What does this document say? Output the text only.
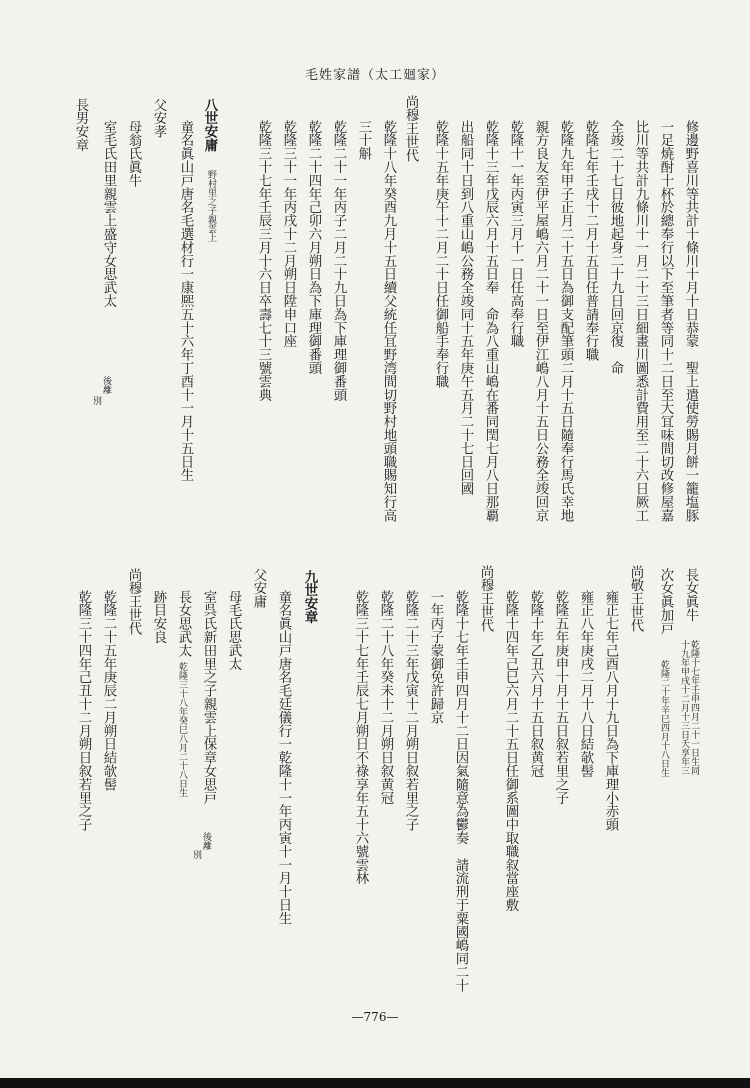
毛姓家譜（太工廻家）
修邊野喜川等共計十條川十月十日恭蒙　聖上遣使勞賜月餅一籠塩豚
一足焼酎十杯於總奉行以下至筆者等同十二日至大冝味間切改修屋嘉
比川等共計九條川十一月二十三日細畫川圖悉計費用至二十六日厥工
全竣二十七日彼地起身二十九日回京復　命
乾隆七年壬戌十二月十五日任普請奉行職
乾隆九年甲子正月二十五日為御支配筆頭二月十五日隨奉行馬氏幸地
親方良友至伊平屋嶋六月二十一日至伊江嶋八月十五日公務全竣回京
乾隆十一年丙寅三月十一日任高奉行職
乾隆十三年戊辰六月十五日奉　命為八重山嶋在番同閏七月八日那覇
出船同十日到八重山嶋公務全竣同十五年庚午五月二十七日回國
乾隆十五年庚午十二月二十日任御船手奉行職
尚穆王世代
乾隆十八年癸酉九月十五日續父統任冝野湾間切野村地頭職賜知行高
三十斛
乾隆二十一年丙子二月二十九日為下庫理御番頭
乾隆二十四年己卯六月朔日為下庫理御番頭
乾隆三十一年丙戌十二月朔日陞申口座
乾隆三十七年壬辰三月十六日卒壽七十三號雲典
八世安庸
野村里之子親雲上
童名眞山戸唐名毛選材行一康熈五十六年丁酉十一月十五日生
父安孝
母翁氏眞牛
室毛氏田里親雲上盛守女思武太
後離
別
長男安章
長女眞牛
乾隆十七年壬申四月二十一日生同
十九年甲戌十二月十三日夭享年三
次女眞加戸
乾隆二十年辛巳四月十八日生
尚敬王世代
雍正七年己酉八月十九日為下庫理小赤頭
雍正八年庚戌二月十八日結欹髻
乾隆五年庚申十月十五日叙若里之子
乾隆十年乙丑六月十五日叙黄冠
乾隆十四年己巳六月二十五日任御系圖中取職叙當座敷
尚穆王世代
乾隆十七年壬申四月十二日因氣隨意為鬱奏　請流刑于粟國嶋同二十
一年丙子蒙御免許歸京
乾隆二十三年戊寅十二月朔日叙若里之子
乾隆二十八年癸未十二月朔日叙黄冠
乾隆三十七年壬辰七月朔日不祿享年五十六號雲林
九世安章
童名眞山戸唐名毛廷儀行一乾隆十一年丙寅十一月十日生
父安庸
母毛氏思武太
室呉氏新田里之子親雲上保章女思戸
後離
別
長女思武太
乾隆三十八年癸巳八月二十八日生
跡目安良
尚穆王世代
乾隆二十五年庚辰二月朔日結欹髻
乾隆三十四年己丑十二月朔日叙若里之子
—776—
